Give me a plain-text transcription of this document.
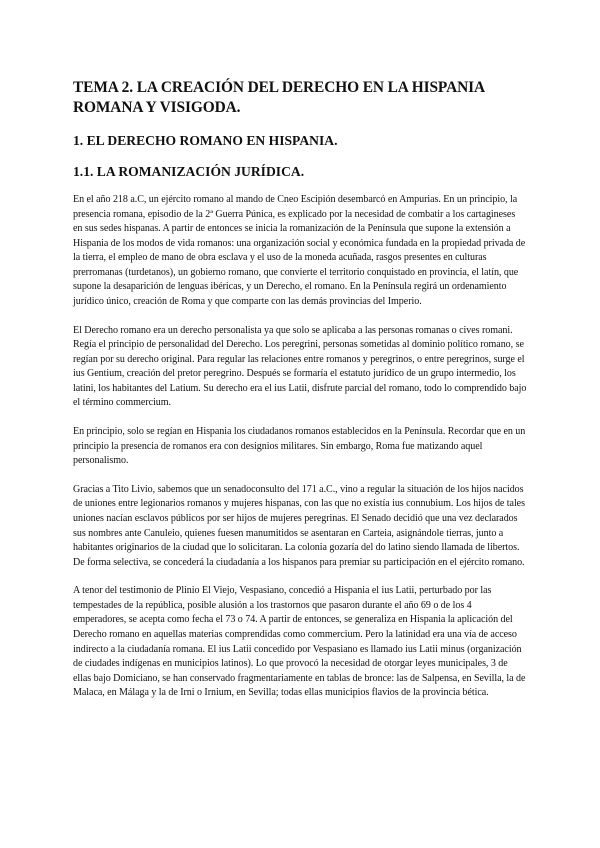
TEMA 2. LA CREACIÓN DEL DERECHO EN LA HISPANIA ROMANA Y VISIGODA.
1. EL DERECHO ROMANO EN HISPANIA.
1.1. LA ROMANIZACIÓN JURÍDICA.

En el año 218 a.C, un ejército romano al mando de Cneo Escipión desembarcó en Ampurias. En un principio, la presencia romana, episodio de la 2ª Guerra Púnica, es explicado por la necesidad de combatir a los cartagineses en sus sedes hispanas. A partir de entonces se inicia la romanización de la Península que supone la extensión a Hispania de los modos de vida romanos: una organización social y económica fundada en la propiedad privada de la tierra, el empleo de mano de obra esclava y el uso de la moneda acuñada, rasgos presentes en culturas prerromanas (turdetanos), un gobierno romano, que convierte el territorio conquistado en provincia, el latín, que supone la desaparición de lenguas ibéricas, y un Derecho, el romano. En la Península regirá un ordenamiento jurídico único, creación de Roma y que comparte con las demás provincias del Imperio.

El Derecho romano era un derecho personalista ya que solo se aplicaba a las personas romanas o cives romani. Regía el principio de personalidad del Derecho. Los peregrini, personas sometidas al dominio político romano, se regían por su derecho original. Para regular las relaciones entre romanos y peregrinos, o entre peregrinos, surge el ius Gentium, creación del pretor peregrino. Después se formaría el estatuto jurídico de un grupo intermedio, los latini, los habitantes del Latium. Su derecho era el ius Latii, disfrute parcial del romano, todo lo comprendido bajo el término commercium.

En principio, solo se regían en Hispania los ciudadanos romanos establecidos en la Península. Recordar que en un principio la presencia de romanos era con designios militares. Sin embargo, Roma fue matizando aquel personalismo.

Gracias a Tito Livio, sabemos que un senadoconsulto del 171 a.C., vino a regular la situación de los hijos nacidos de uniones entre legionarios romanos y mujeres hispanas, con las que no existía ius connubium. Los hijos de tales uniones nacían esclavos públicos por ser hijos de mujeres peregrinas. El Senado decidió que una vez declarados sus nombres ante Canuleio, quienes fuesen manumitidos se asentaran en Carteia, asignándole tierras, junto a habitantes originarios de la ciudad que lo solicitaran. La colonia gozaría del do latino siendo llamada de libertos. De forma selectiva, se concederá la ciudadanía a los hispanos para premiar su participación en el ejército romano.

A tenor del testimonio de Plinio El Viejo, Vespasiano, concedió a Hispania el ius Latii, perturbado por las tempestades de la república, posible alusión a los trastornos que pasaron durante el año 69 o de los 4 emperadores, se acepta como fecha el 73 o 74. A partir de entonces, se generaliza en Hispania la aplicación del Derecho romano en aquellas materias comprendidas como commercium. Pero la latinidad era una vía de acceso indirecto a la ciudadanía romana. El ius Latii concedido por Vespasiano es llamado ius Latii minus (organización de ciudades indígenas en municipios latinos). Lo que provocó la necesidad de otorgar leyes municipales, 3 de ellas bajo Domiciano, se han conservado fragmentariamente en tablas de bronce: las de Salpensa, en Sevilla, la de Malaca, en Málaga y la de Irni o Irnium, en Sevilla; todas ellas municipios flavios de la provincia bética.
